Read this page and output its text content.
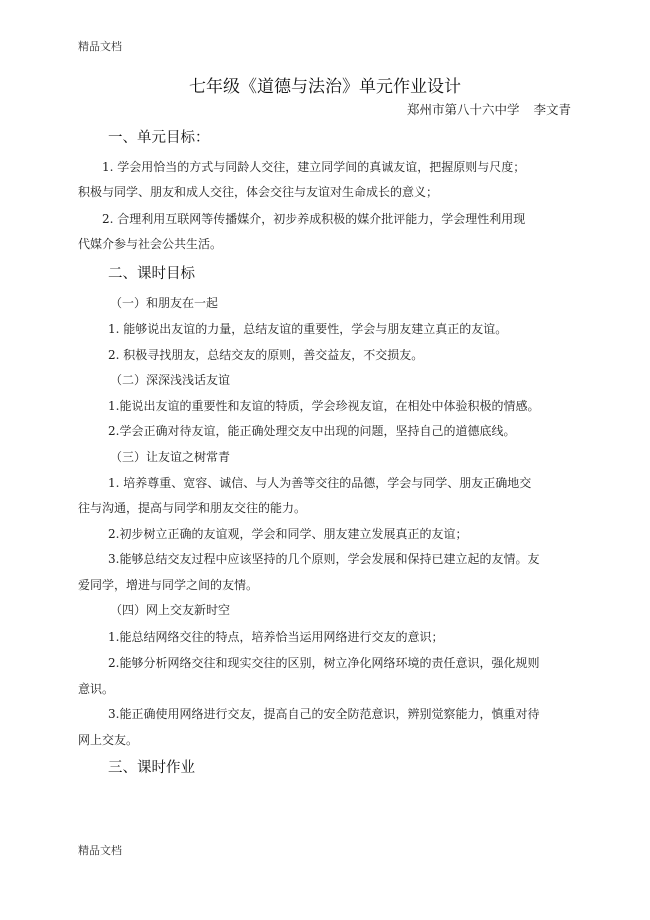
精品文档
七年级《道德与法治》单元作业设计
郑州市第八十六中学 李文青
一、单元目标：
1. 学会用恰当的方式与同龄人交往，建立同学间的真诚友谊，把握原则与尺度；
积极与同学、朋友和成人交往，体会交往与友谊对生命成长的意义；
2. 合理利用互联网等传播媒介，初步养成积极的媒介批评能力，学会理性利用现
代媒介参与社会公共生活。
二、课时目标
（一）和朋友在一起
1. 能够说出友谊的力量，总结友谊的重要性，学会与朋友建立真正的友谊。
2. 积极寻找朋友，总结交友的原则，善交益友，不交损友。
（二）深深浅浅话友谊
1.能说出友谊的重要性和友谊的特质，学会珍视友谊，在相处中体验积极的情感。
2.学会正确对待友谊，能正确处理交友中出现的问题，坚持自己的道德底线。
（三）让友谊之树常青
1. 培养尊重、宽容、诚信、与人为善等交往的品德，学会与同学、朋友正确地交
往与沟通，提高与同学和朋友交往的能力。
2.初步树立正确的友谊观，学会和同学、朋友建立发展真正的友谊；
3.能够总结交友过程中应该坚持的几个原则，学会发展和保持已建立起的友情。友
爱同学，增进与同学之间的友情。
（四）网上交友新时空
1.能总结网络交往的特点，培养恰当运用网络进行交友的意识；
2.能够分析网络交往和现实交往的区别，树立净化网络环境的责任意识，强化规则
意识。
3.能正确使用网络进行交友，提高自己的安全防范意识，辨别觉察能力，慎重对待
网上交友。
三、课时作业
精品文档
